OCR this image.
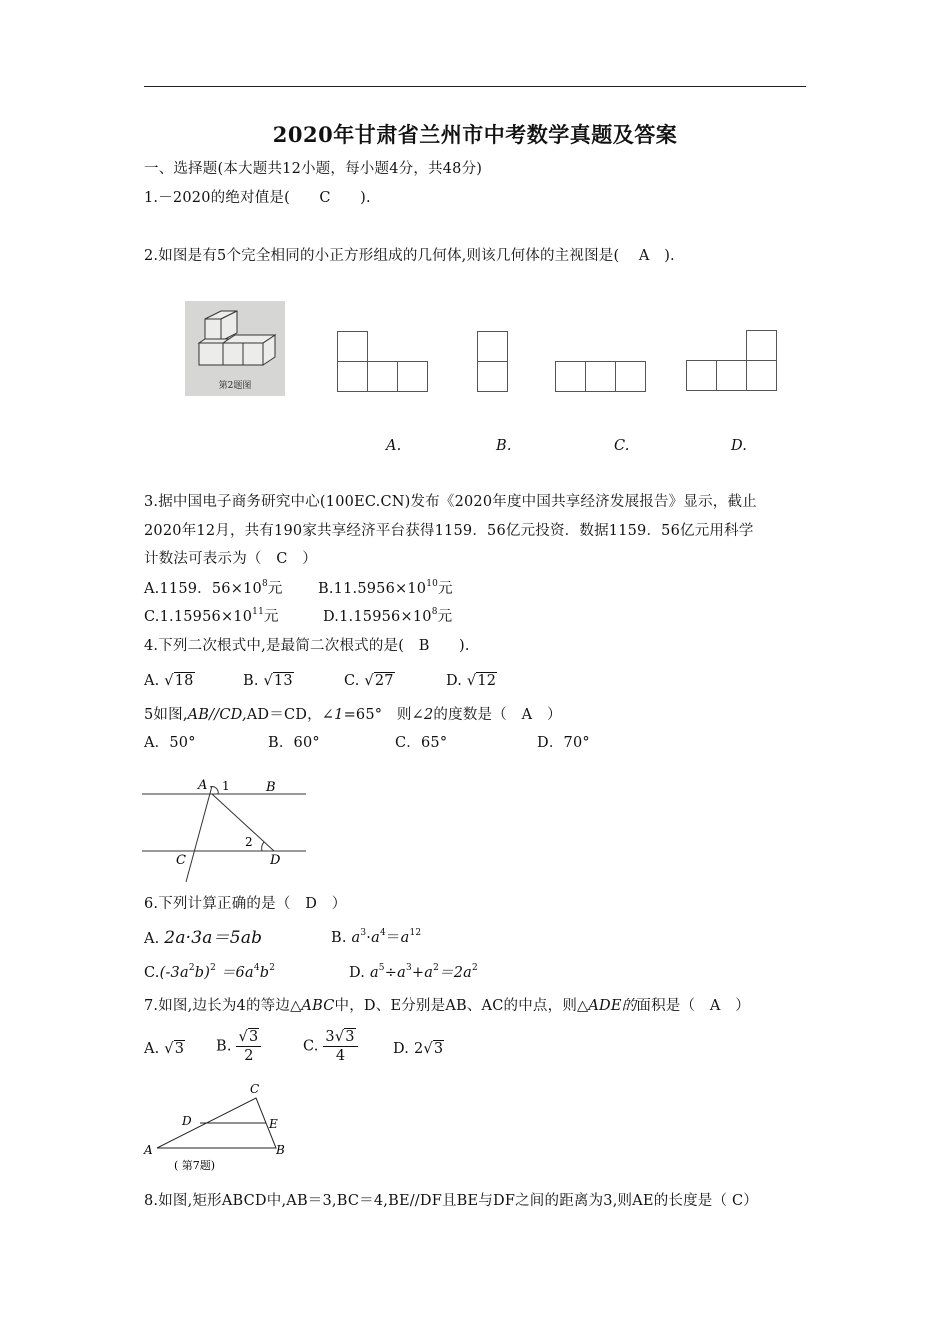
2020年甘肃省兰州市中考数学真题及答案
一、选择题(本大题共12小题，每小题4分，共48分)
1.－2020的绝对值是(　　C　　).
2.如图是有5个完全相同的小正方形组成的几何体,则该几何体的主视图是(　 A　).
第2题图
A.	B.	C.	D.
3.据中国电子商务研究中心(100EC.CN)发布《2020年度中国共享经济发展报告》显示，截止
2020年12月，共有190家共享经济平台获得1159．56亿元投资．数据1159．56亿元用科学
计数法可表示为（　C　）
A.1159．$56\times 10^8$元 $B.11.5956\times 10^{10}$元
$C.1.15956\times 10^{11}$元	$D.1.15956\times 10^8$元
4.下列二次根式中,是最简二次根式的是(　B　　).
A. √18	B. √13	C. √27	D. √12
5如图,AB//CD,AD＝CD，∠1=65°　则∠2的度数是（　A　）
A．50°	B．60°	C．65°	D．70°
A 1	B
C
2
D
6.下列计算正确的是（　D　）
A. 2a·3a＝5ab	B. $a^3\cdot a^4=a^{12}$
$C.(-3a^2b)^2 =6a^4b^2$	D. $a^5\div a^3+a^2=2a^2$
7.如图,边长为4的等边△ABC中，D、E分别是AB、AC的中点，则△ADE的面积是（　A　）
A. √3 B. $\frac{√3}{2}$	C. $\frac{3√3}{4} D$. 2√3
C
D	E
A	B
( 第7题)
8.如图,矩形ABCD中,AB＝3,BC＝4,BE//DF且BE与DF之间的距离为3,则AE的长度是（ C）
